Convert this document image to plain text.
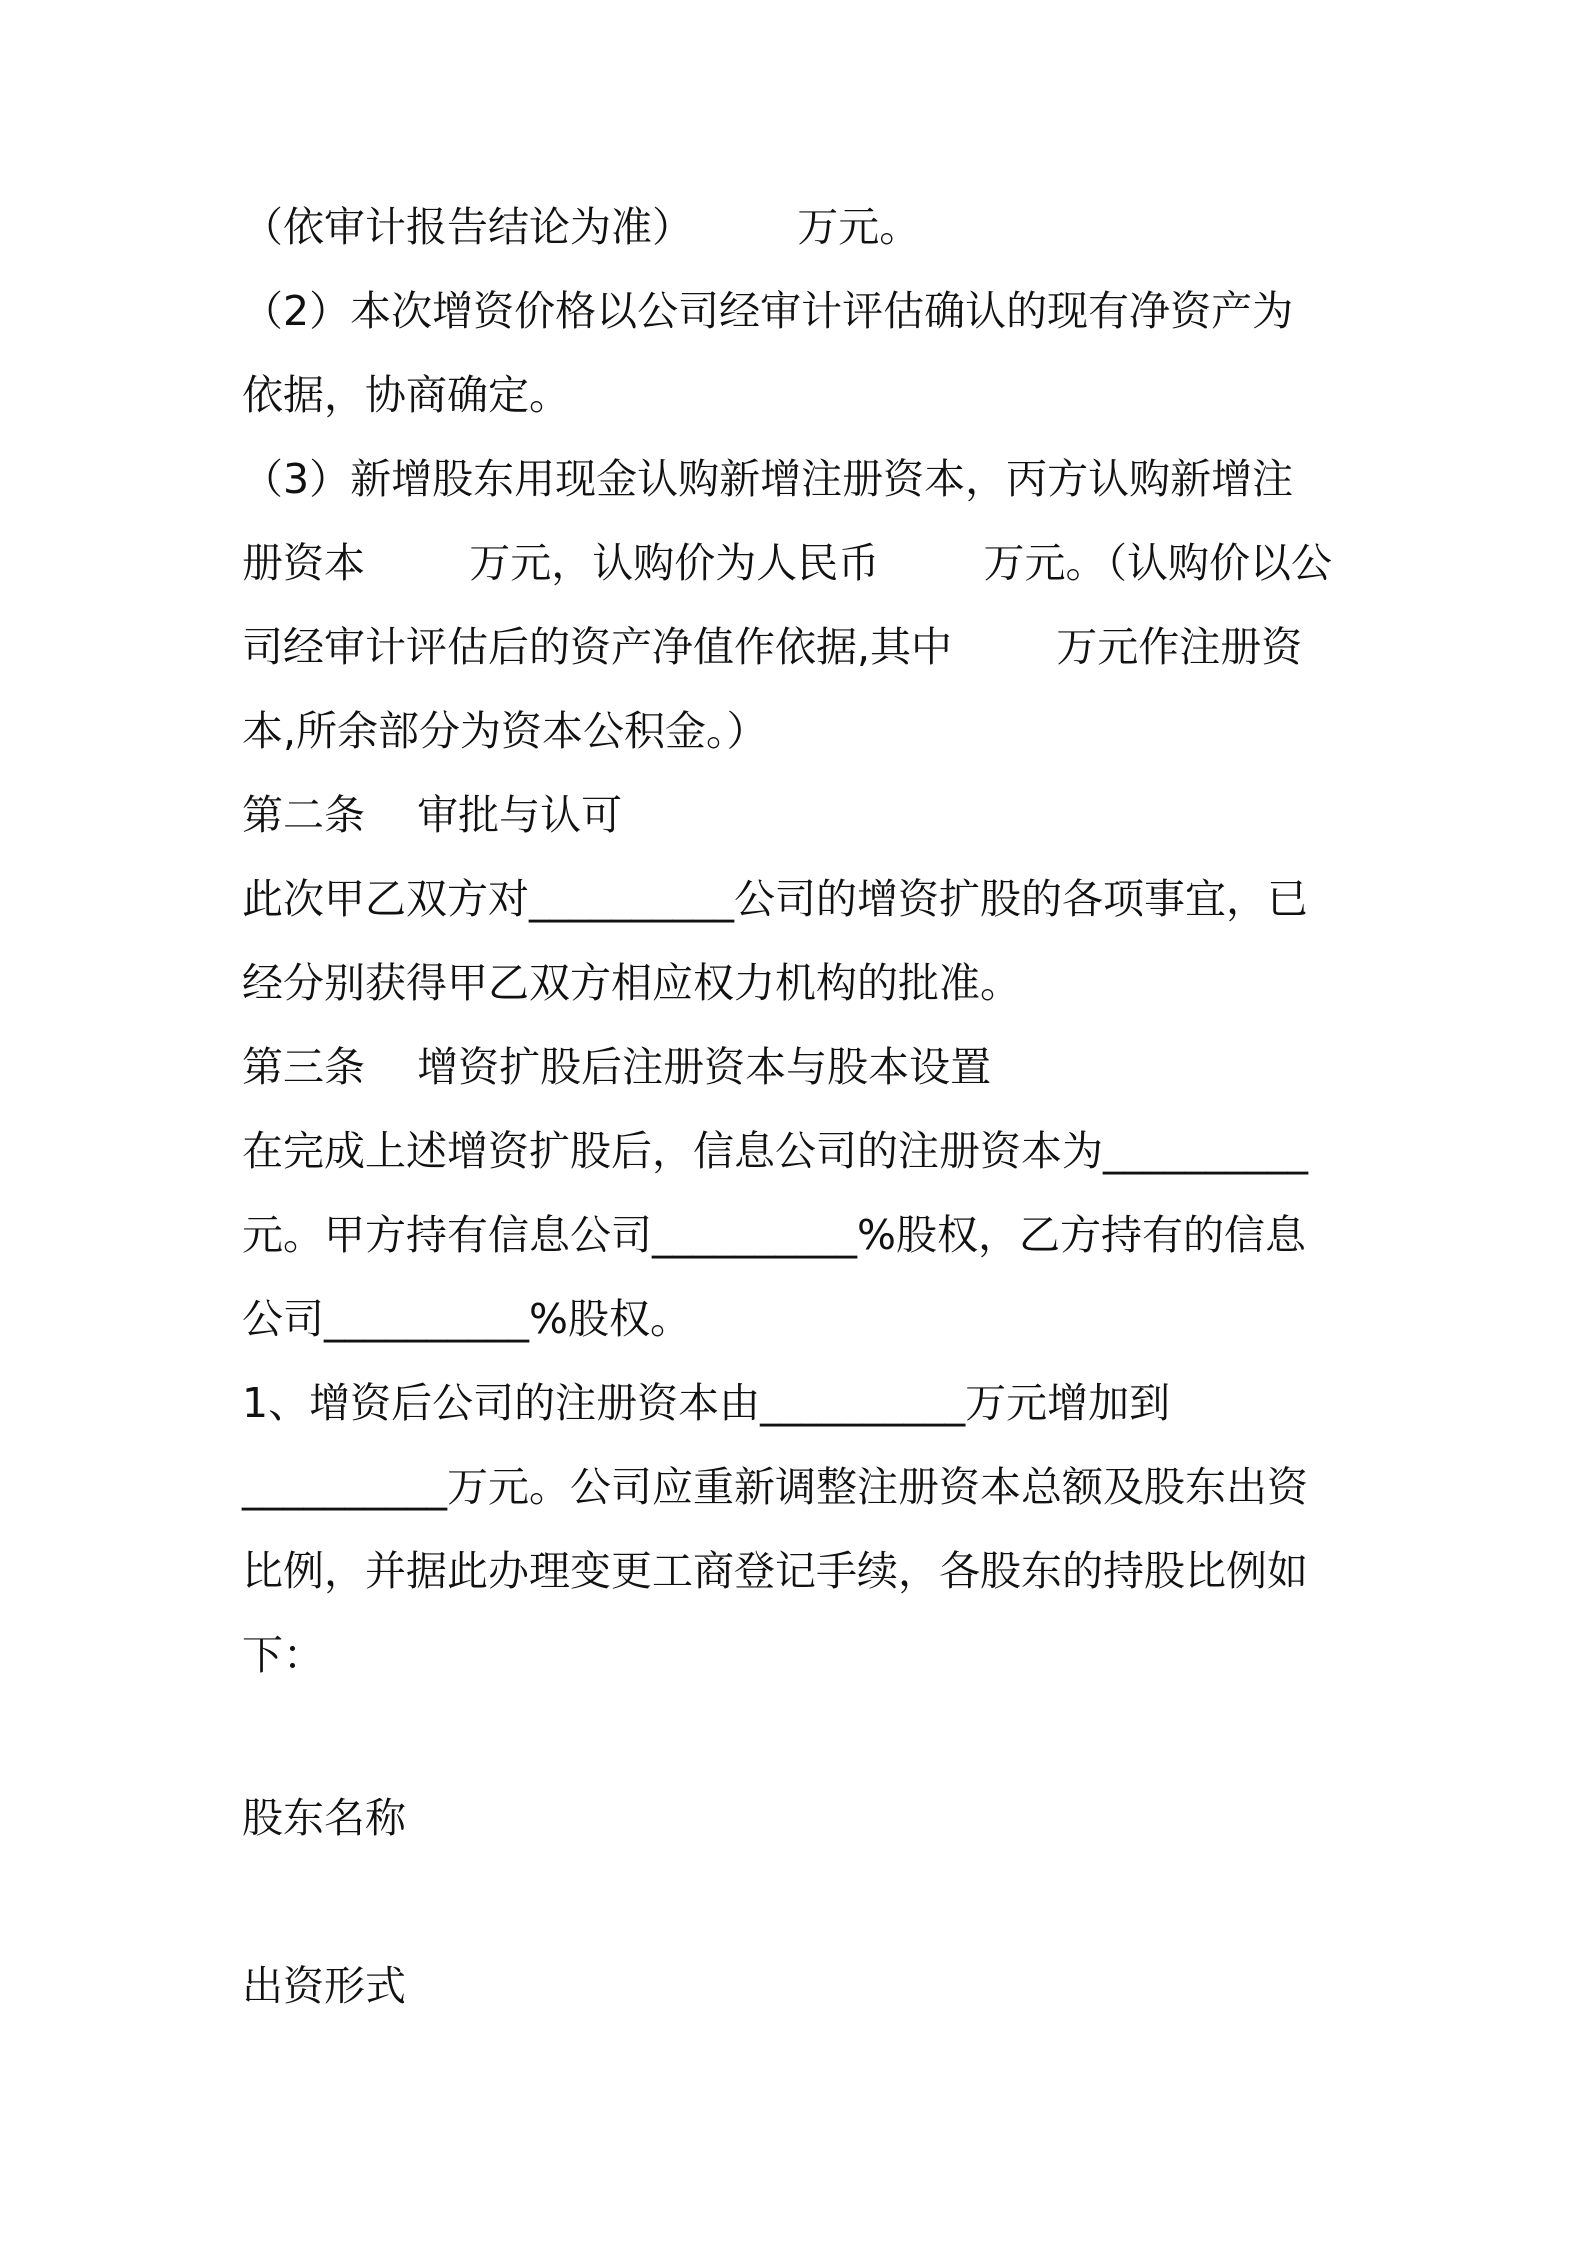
（依审计报告结论为准）        万元。
（2）本次增资价格以公司经审计评估确认的现有净资产为
依据，协商确定。
（3）新增股东用现金认购新增注册资本，丙方认购新增注
册资本        万元，认购价为人民币        万元。（认购价以公
司经审计评估后的资产净值作依据,其中        万元作注册资
本,所余部分为资本公积金。）
第二条    审批与认可
此次甲乙双方对__________公司的增资扩股的各项事宜，已
经分别获得甲乙双方相应权力机构的批准。
第三条    增资扩股后注册资本与股本设置
在完成上述增资扩股后，信息公司的注册资本为__________
元。甲方持有信息公司__________%股权，乙方持有的信息
公司__________%股权。
1、增资后公司的注册资本由__________万元增加到
__________万元。公司应重新调整注册资本总额及股东出资
比例，并据此办理变更工商登记手续，各股东的持股比例如
下：
股东名称
出资形式
